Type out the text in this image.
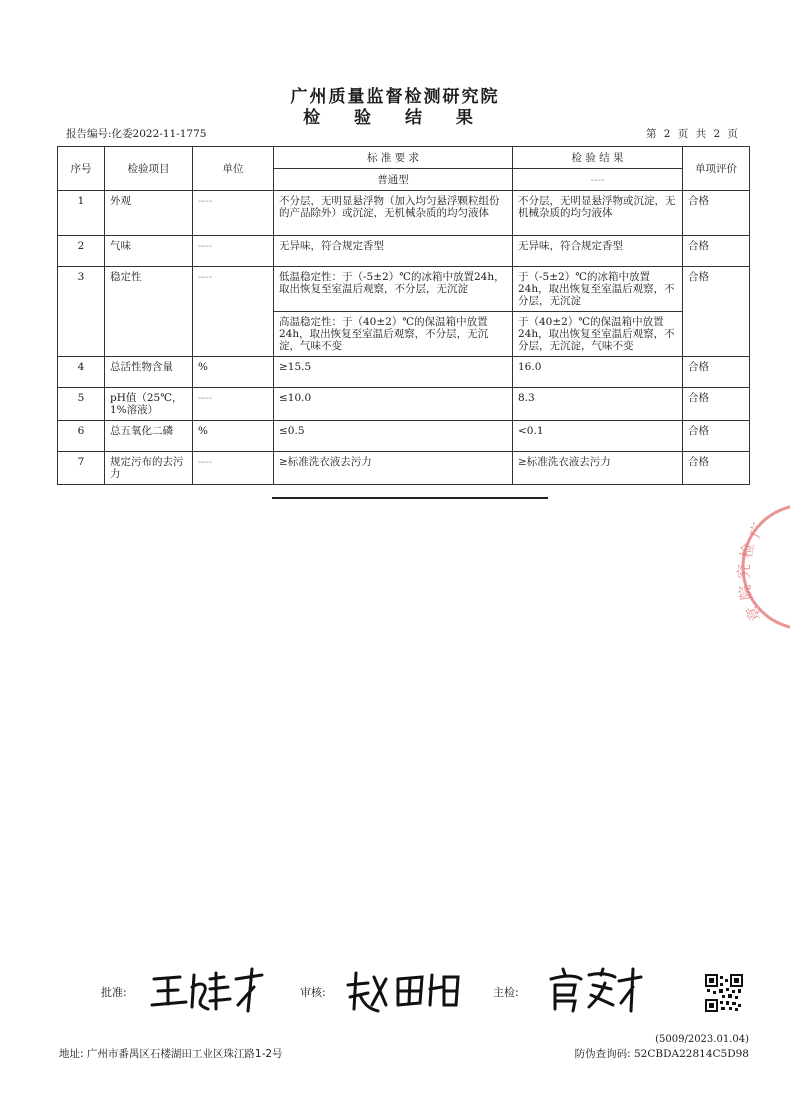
广州质量监督检测研究院
检 验 结 果
报告编号:化委2022-11-1775	第 2 页 共 2 页
序号	检验项目	单位	标 准 要 求	检 验 结 果	单项评价
			普通型	----	
1	外观	----	不分层，无明显悬浮物（加入均匀悬浮颗粒组份的产品除外）或沉淀，无机械杂质的均匀液体	不分层，无明显悬浮物或沉淀，无机械杂质的均匀液体	合格
2	气味	----	无异味，符合规定香型	无异味，符合规定香型	合格
3	稳定性	----	低温稳定性：于（-5±2）℃的冰箱中放置24h，取出恢复至室温后观察，不分层，无沉淀	于（-5±2）℃的冰箱中放置24h，取出恢复至室温后观察，不分层，无沉淀	合格
			高温稳定性：于（40±2）℃的保温箱中放置24h，取出恢复至室温后观察，不分层，无沉淀，气味不变	于（40±2）℃的保温箱中放置24h，取出恢复至室温后观察，不分层，无沉淀，气味不变	
4	总活性物含量	%	≥15.5	16.0	合格
5	pH值（25℃，1%溶液）	----	≤10.0	8.3	合格
6	总五氧化二磷	%	≤0.5	<0.1	合格
7	规定污布的去污力	----	≥标准洗衣液去污力	≥标准洗衣液去污力	合格
广
检
究
院
章
批准:	审核:	主检:
(5009/2023.01.04)
地址: 广州市番禺区石楼湖田工业区珠江路1-2号	防伪查询码: 52CBDA22814C5D98
